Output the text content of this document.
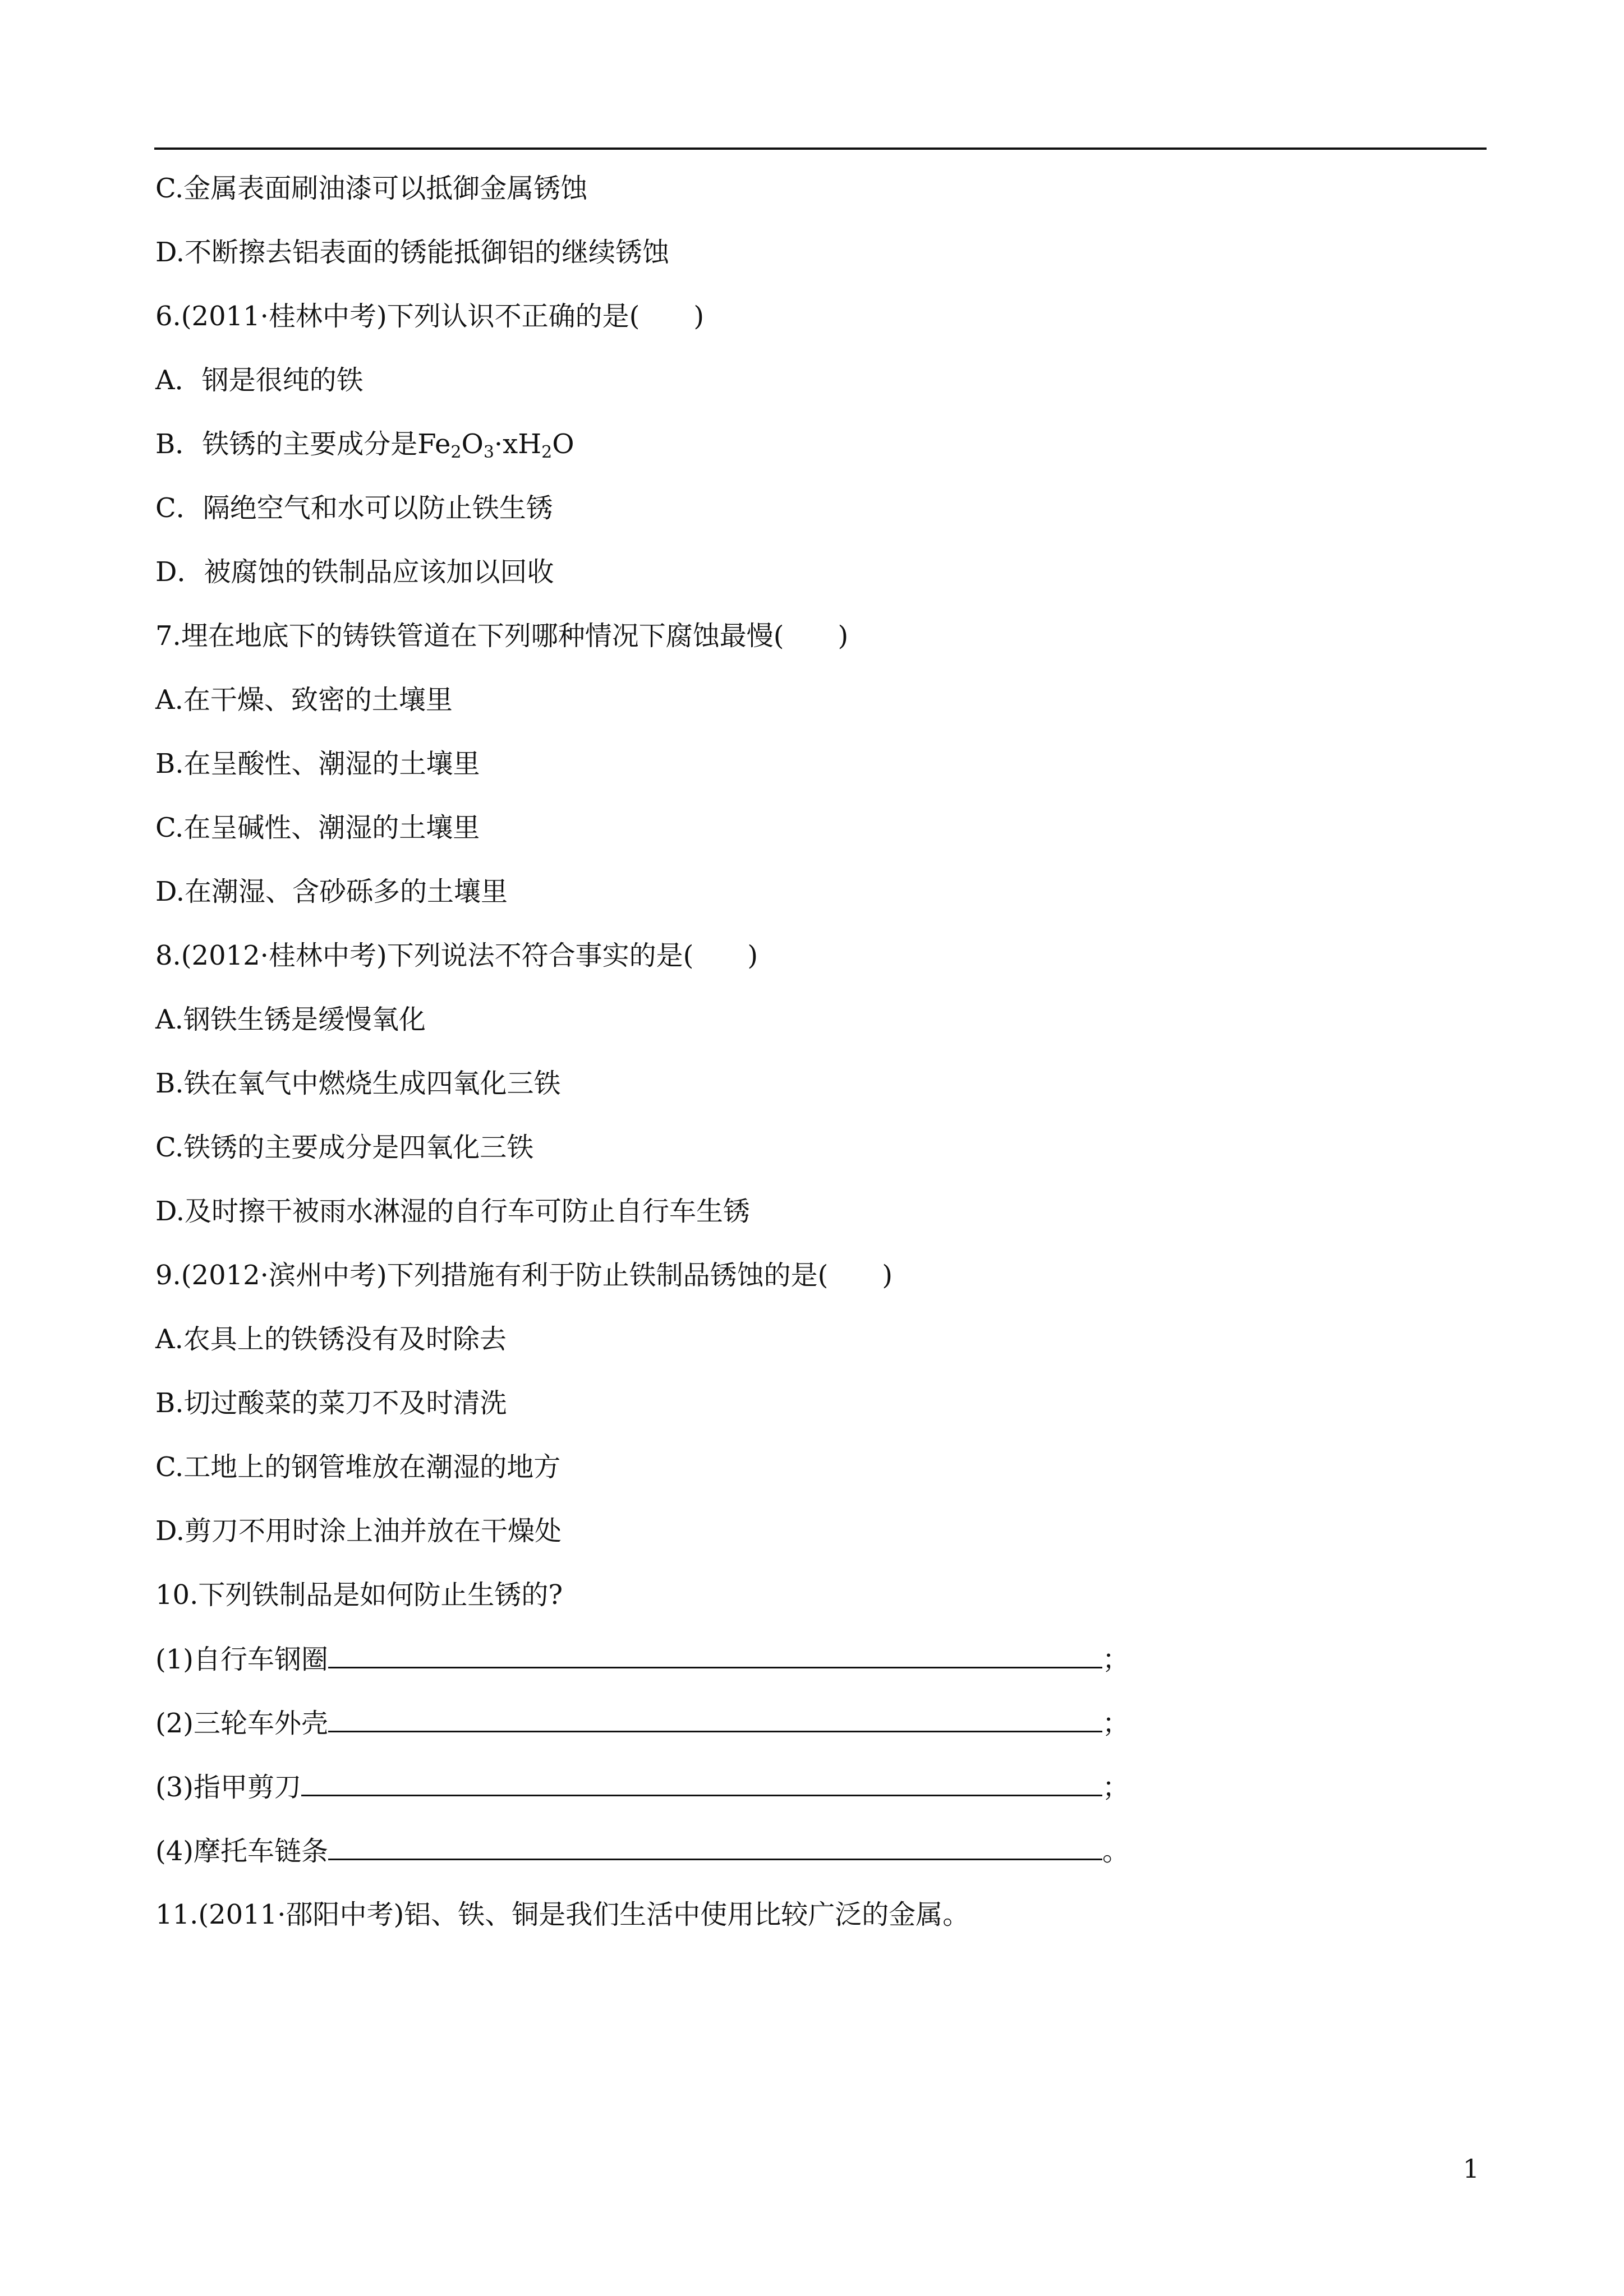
C.金属表面刷油漆可以抵御金属锈蚀
D.不断擦去铝表面的锈能抵御铝的继续锈蚀
6.(2011·桂林中考)下列认识不正确的是(　　)
A．钢是很纯的铁
B．铁锈的主要成分是$Fe_2O_3\cdot xH_2O$
C．隔绝空气和水可以防止铁生锈
D．被腐蚀的铁制品应该加以回收
7.埋在地底下的铸铁管道在下列哪种情况下腐蚀最慢(　　)
A.在干燥、致密的土壤里
B.在呈酸性、潮湿的土壤里
C.在呈碱性、潮湿的土壤里
D.在潮湿、含砂砾多的土壤里
8.(2012·桂林中考)下列说法不符合事实的是(　　)
A.钢铁生锈是缓慢氧化
B.铁在氧气中燃烧生成四氧化三铁
C.铁锈的主要成分是四氧化三铁
D.及时擦干被雨水淋湿的自行车可防止自行车生锈
9.(2012·滨州中考)下列措施有利于防止铁制品锈蚀的是(　　)
A.农具上的铁锈没有及时除去
B.切过酸菜的菜刀不及时清洗
C.工地上的钢管堆放在潮湿的地方
D.剪刀不用时涂上油并放在干燥处
10.下列铁制品是如何防止生锈的?
(1)自行车钢圈	；
(2)三轮车外壳	；
(3)指甲剪刀	；
(4)摩托车链条	。
11.(2011·邵阳中考)铝、铁、铜是我们生活中使用比较广泛的金属。
1
